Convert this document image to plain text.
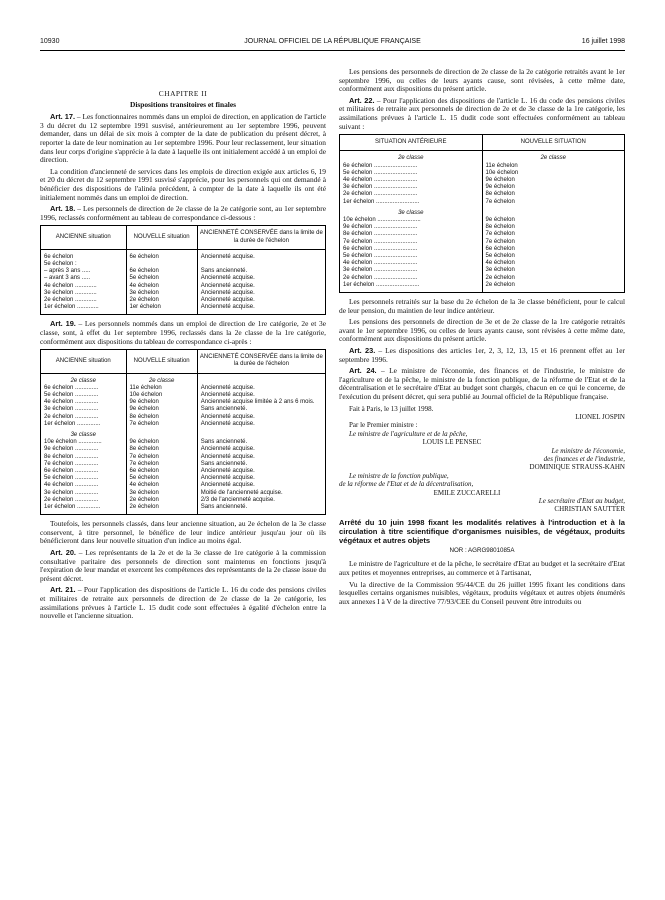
10930	JOURNAL OFFICIEL DE LA RÉPUBLIQUE FRANÇAISE	16 juillet 1998
CHAPITRE II
Dispositions transitoires et finales

Art. 17. – Les fonctionnaires nommés dans un emploi de direction, en application de l'article 3 du décret du 12 septembre 1991 susvisé, antérieurement au 1er septembre 1996, peuvent demander, dans un délai de six mois à compter de la date de publication du présent décret, à reporter la date de leur nomination au 1er septembre 1996. Pour leur reclassement, leur situation dans leur corps d'origine s'apprécie à la date à laquelle ils ont initialement accédé à un emploi de direction.

La condition d'ancienneté de services dans les emplois de direction exigée aux articles 6, 19 et 20 du décret du 12 septembre 1991 susvisé s'apprécie, pour les personnels qui ont demandé à bénéficier des dispositions de l'alinéa précédent, à compter de la date à laquelle ils ont été initialement nommés dans un emploi de direction.

Art. 18. – Les personnels de direction de 2e classe de la 2e catégorie sont, au 1er septembre 1996, reclassés conformément au tableau de correspondance ci-dessous :

ANCIENNE situation	NOUVELLE situation	ANCIENNETÉ CONSERVÉE dans la limite de la durée de l'échelon
6e échelon	6e échelon	Ancienneté acquise.
5e échelon :		
– après 3 ans .....	6e échelon	Sans ancienneté.
– avant 3 ans .....	5e échelon	Ancienneté acquise.
4e échelon .............	4e échelon	Ancienneté acquise.
3e échelon .............	3e échelon	Ancienneté acquise.
2e échelon .............	2e échelon	Ancienneté acquise.
1er échelon .............	1er échelon	Ancienneté acquise.

Art. 19. – Les personnels nommés dans un emploi de direction de 1re catégorie, 2e et 3e classe, sont, à effet du 1er septembre 1996, reclassés dans la 2e classe de la 1re catégorie, conformément aux dispositions du tableau de correspondance ci-après :

ANCIENNE situation	NOUVELLE situation	ANCIENNETÉ CONSERVÉE dans la limite de la durée de l'échelon
2e classe	2e classe	
6e échelon ..............	11e échelon	Ancienneté acquise.
5e échelon ..............	10e échelon	Ancienneté acquise.
4e échelon ..............	9e échelon	Ancienneté acquise limitée à 2 ans 6 mois.
3e échelon ..............	9e échelon	Sans ancienneté.
2e échelon ..............	8e échelon	Ancienneté acquise.
1er échelon ..............	7e échelon	Ancienneté acquise.
3e classe		
10e échelon ..............	9e échelon	Sans ancienneté.
9e échelon ..............	8e échelon	Ancienneté acquise.
8e échelon ..............	7e échelon	Ancienneté acquise.
7e échelon ..............	7e échelon	Sans ancienneté.
6e échelon ..............	6e échelon	Ancienneté acquise.
5e échelon ..............	5e échelon	Ancienneté acquise.
4e échelon ..............	4e échelon	Ancienneté acquise.
3e échelon ..............	3e échelon	Moitié de l'ancienneté acquise.
2e échelon ..............	2e échelon	2/3 de l'ancienneté acquise.
1er échelon ..............	2e échelon	Sans ancienneté.

Toutefois, les personnels classés, dans leur ancienne situation, au 2e échelon de la 3e classe conservent, à titre personnel, le bénéfice de leur indice antérieur jusqu'au jour où ils bénéficieront dans leur nouvelle situation d'un indice au moins égal.

Art. 20. – Les représentants de la 2e et de la 3e classe de 1re catégorie à la commission consultative paritaire des personnels de direction sont maintenus en fonctions jusqu'à l'expiration de leur mandat et exercent les compétences des représentants de la 2e classe issue du présent décret.

Art. 21. – Pour l'application des dispositions de l'article L. 16 du code des pensions civiles et militaires de retraite aux personnels de direction de 2e classe de la 2e catégorie, les assimilations prévues à l'article L. 15 dudit code sont effectuées à égalité d'échelon entre la nouvelle et l'ancienne situation.

Les pensions des personnels de direction de 2e classe de la 2e catégorie retraités avant le 1er septembre 1996, ou celles de leurs ayants cause, sont révisées, à cette même date, conformément aux dispositions du présent article.

Art. 22. – Pour l'application des dispositions de l'article L. 16 du code des pensions civiles et militaires de retraite aux personnels de direction de 2e et de 3e classe de la 1re catégorie, les assimilations prévues à l'article L. 15 dudit code sont effectuées conformément au tableau suivant :

SITUATION ANTÉRIEURE	NOUVELLE SITUATION
2e classe	2e classe
6e échelon ..........................	11e échelon
5e échelon ..........................	10e échelon
4e échelon ..........................	9e échelon
3e échelon ..........................	9e échelon
2e échelon ..........................	8e échelon
1er échelon ..........................	7e échelon
3e classe	
10e échelon ..........................	9e échelon
9e échelon ..........................	8e échelon
8e échelon ..........................	7e échelon
7e échelon ..........................	7e échelon
6e échelon ..........................	6e échelon
5e échelon ..........................	5e échelon
4e échelon ..........................	4e échelon
3e échelon ..........................	3e échelon
2e échelon ..........................	2e échelon
1er échelon ..........................	2e échelon

Les personnels retraités sur la base du 2e échelon de la 3e classe bénéficient, pour le calcul de leur pension, du maintien de leur indice antérieur.

Les pensions des personnels de direction de 3e et de 2e classe de la 1re catégorie retraités avant le 1er septembre 1996, ou celles de leurs ayants cause, sont révisées à cette même date, conformément aux dispositions du présent article.

Art. 23. – Les dispositions des articles 1er, 2, 3, 12, 13, 15 et 16 prennent effet au 1er septembre 1996.

Art. 24. – Le ministre de l'économie, des finances et de l'industrie, le ministre de l'agriculture et de la pêche, le ministre de la fonction publique, de la réforme de l'Etat et de la décentralisation et le secrétaire d'Etat au budget sont chargés, chacun en ce qui le concerne, de l'exécution du présent décret, qui sera publié au Journal officiel de la République française.

Fait à Paris, le 13 juillet 1998.
LIONEL JOSPIN
Par le Premier ministre :
Le ministre de l'agriculture et de la pêche,
LOUIS LE PENSEC
Le ministre de l'économie,
des finances et de l'industrie,
DOMINIQUE STRAUSS-KAHN
Le ministre de la fonction publique,
de la réforme de l'Etat et de la décentralisation,
EMILE ZUCCARELLI
Le secrétaire d'Etat au budget,
CHRISTIAN SAUTTER
Arrêté du 10 juin 1998 fixant les modalités relatives à l'introduction et à la circulation à titre scientifique d'organismes nuisibles, de végétaux, produits végétaux et autres objets
NOR : AGRG9801085A

Le ministre de l'agriculture et de la pêche, le secrétaire d'Etat au budget et la secrétaire d'Etat aux petites et moyennes entreprises, au commerce et à l'artisanat,

Vu la directive de la Commission 95/44/CE du 26 juillet 1995 fixant les conditions dans lesquelles certains organismes nuisibles, végétaux, produits végétaux et autres objets énumérés aux annexes I à V de la directive 77/93/CEE du Conseil peuvent être introduits ou
